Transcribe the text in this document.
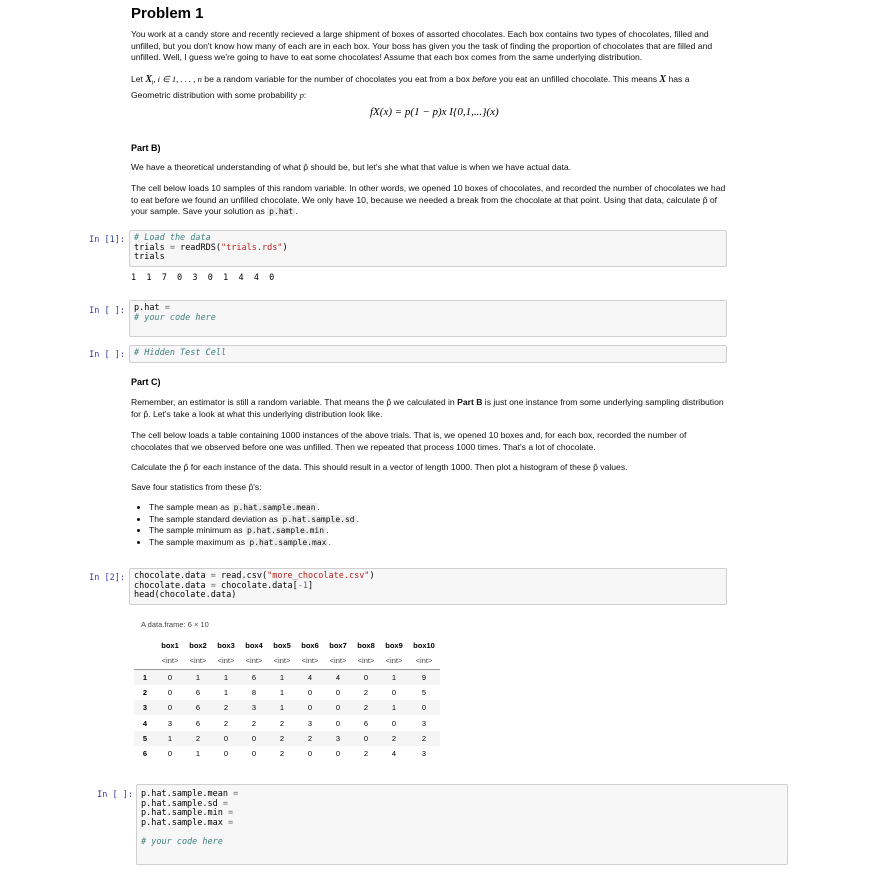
Problem 1
You work at a candy store and recently recieved a large shipment of boxes of assorted chocolates. Each box contains two types of chocolates, filled and unfilled, but you don't know how many of each are in each box. Your boss has given you the task of finding the proportion of chocolates that are filled and unfilled. Well, I guess we're going to have to eat some chocolates! Assume that each box comes from the same underlying distribution.
Let $X_i$, i ∈ 1, . . . , n be a random variable for the number of chocolates you eat from a box before you eat an unfilled chocolate. This means X has a Geometric distribution with some probability p:
fX(x) = p(1 − p)x I{0,1,...}(x)
Part B)
We have a theoretical understanding of what p̂ should be, but let's she what that value is when we have actual data.
The cell below loads 10 samples of this random variable. In other words, we opened 10 boxes of chocolates, and recorded the number of chocolates we had to eat before we found an unfilled chocolate. We only have 10, because we needed a break from the chocolate at that point. Using that data, calculate p̂ of your sample. Save your solution as p.hat .
In [1]:	# Load the data
trials = readRDS("trials.rds")
trials
1  1  7  0  3  0  1  4  4  0
In [ ]:	p.hat =
# your code here
In [ ]:	# Hidden Test Cell
Part C)
Remember, an estimator is still a random variable. That means the p̂ we calculated in Part B is just one instance from some underlying sampling distribution for p̂. Let's take a look at what this underlying distribution look like.
The cell below loads a table containing 1000 instances of the above trials. That is, we opened 10 boxes and, for each box, recorded the number of chocolates that we observed before one was unfilled. Then we repeated that process 1000 times. That's a lot of chocolate.
Calculate the p̂ for each instance of the data. This should result in a vector of length 1000. Then plot a histogram of these p̂ values.
Save four statistics from these p̂'s:
• The sample mean as p.hat.sample.mean .
• The sample standard deviation as p.hat.sample.sd .
• The sample minimum as p.hat.sample.min .
• The sample maximum as p.hat.sample.max .
In [2]:	chocolate.data = read.csv("more_chocolate.csv")
chocolate.data = chocolate.data[-1]
head(chocolate.data)
A data.frame: 6 × 10
	box1	box2	box3	box4	box5	box6	box7	box8	box9	box10
	<int>	<int>	<int>	<int>	<int>	<int>	<int>	<int>	<int>	<int>
1	0	1	1	6	1	4	4	0	1	9
2	0	6	1	8	1	0	0	2	0	5
3	0	6	2	3	1	0	0	2	1	0
4	3	6	2	2	2	3	0	6	0	3
5	1	2	0	0	2	2	3	0	2	2
6	0	1	0	0	2	0	0	2	4	3
In [ ]: p.hat.sample.mean =
p.hat.sample.sd =
p.hat.sample.min =
p.hat.sample.max =

# your code here
